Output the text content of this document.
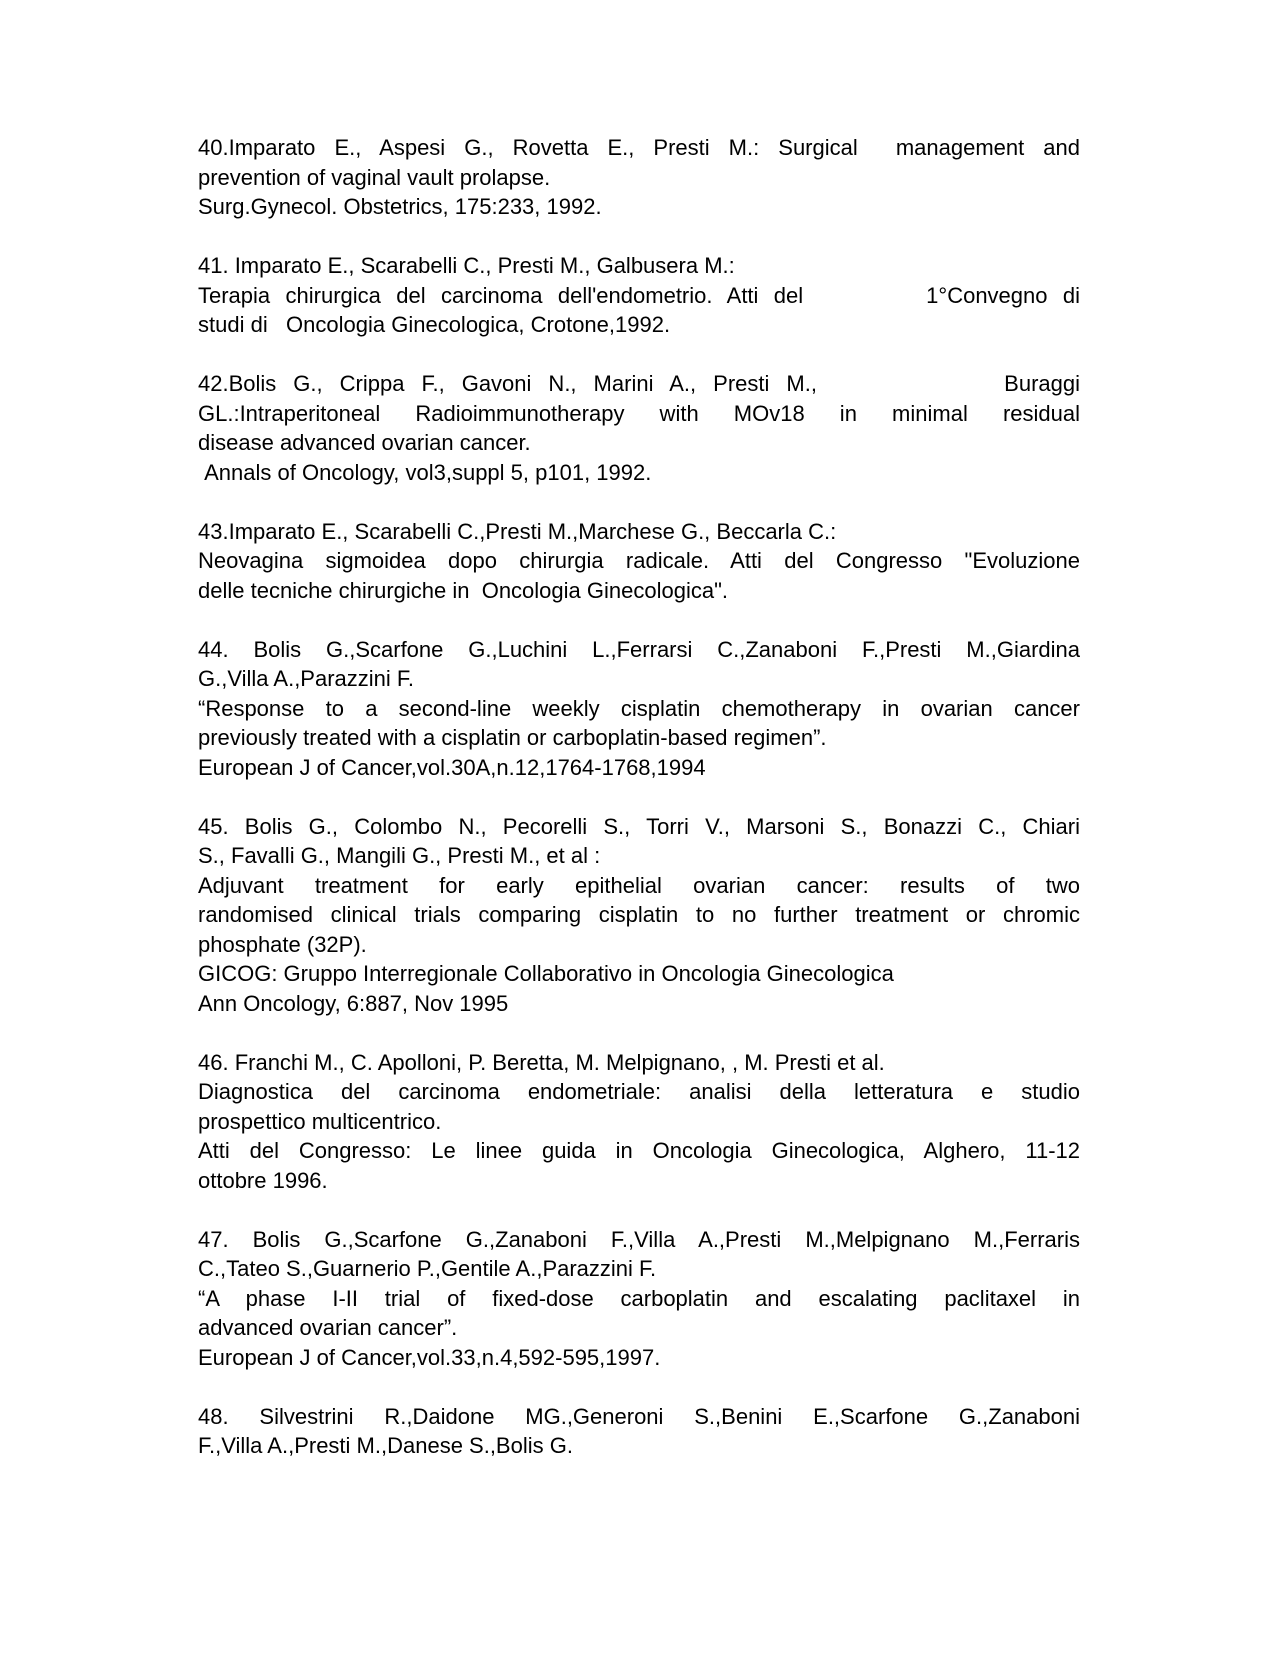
40.Imparato E., Aspesi G., Rovetta E., Presti M.: Surgical  management and
prevention of vaginal vault prolapse.
Surg.Gynecol. Obstetrics, 175:233, 1992.
41. Imparato E., Scarabelli C., Presti M., Galbusera M.:
Terapia chirurgica del carcinoma dell'endometrio. Atti del        1°Convegno di
studi di   Oncologia Ginecologica, Crotone,1992.
42.Bolis G., Crippa F., Gavoni N., Marini A., Presti M.,           Buraggi
GL.:Intraperitoneal Radioimmunotherapy with MOv18 in minimal residual
disease advanced ovarian cancer.
Annals of Oncology, vol3,suppl 5, p101, 1992.
43.Imparato E., Scarabelli C.,Presti M.,Marchese G., Beccarla C.:
Neovagina sigmoidea dopo chirurgia radicale. Atti del Congresso "Evoluzione
delle tecniche chirurgiche in  Oncologia Ginecologica".
44. Bolis G.,Scarfone G.,Luchini L.,Ferrarsi C.,Zanaboni F.,Presti M.,Giardina
G.,Villa A.,Parazzini F.
“Response to a second-line weekly cisplatin chemotherapy in ovarian cancer
previously treated with a cisplatin or carboplatin-based regimen”.
European J of Cancer,vol.30A,n.12,1764-1768,1994
45. Bolis G., Colombo N., Pecorelli S., Torri V., Marsoni S., Bonazzi C., Chiari
S., Favalli G., Mangili G., Presti M., et al :
Adjuvant treatment for early epithelial ovarian cancer: results of two
randomised clinical trials comparing cisplatin to no further treatment or chromic
phosphate (32P).
GICOG: Gruppo Interregionale Collaborativo in Oncologia Ginecologica
Ann Oncology, 6:887, Nov 1995
46. Franchi M., C. Apolloni, P. Beretta, M. Melpignano, , M. Presti et al.
Diagnostica del carcinoma endometriale: analisi della letteratura e studio
prospettico multicentrico.
Atti del Congresso: Le linee guida in Oncologia Ginecologica, Alghero, 11-12
ottobre 1996.
47. Bolis G.,Scarfone G.,Zanaboni F.,Villa A.,Presti M.,Melpignano M.,Ferraris
C.,Tateo S.,Guarnerio P.,Gentile A.,Parazzini F.
“A phase I-II trial of fixed-dose carboplatin and escalating paclitaxel in
advanced ovarian cancer”.
European J of Cancer,vol.33,n.4,592-595,1997.
48. Silvestrini R.,Daidone MG.,Generoni S.,Benini E.,Scarfone G.,Zanaboni
F.,Villa A.,Presti M.,Danese S.,Bolis G.
